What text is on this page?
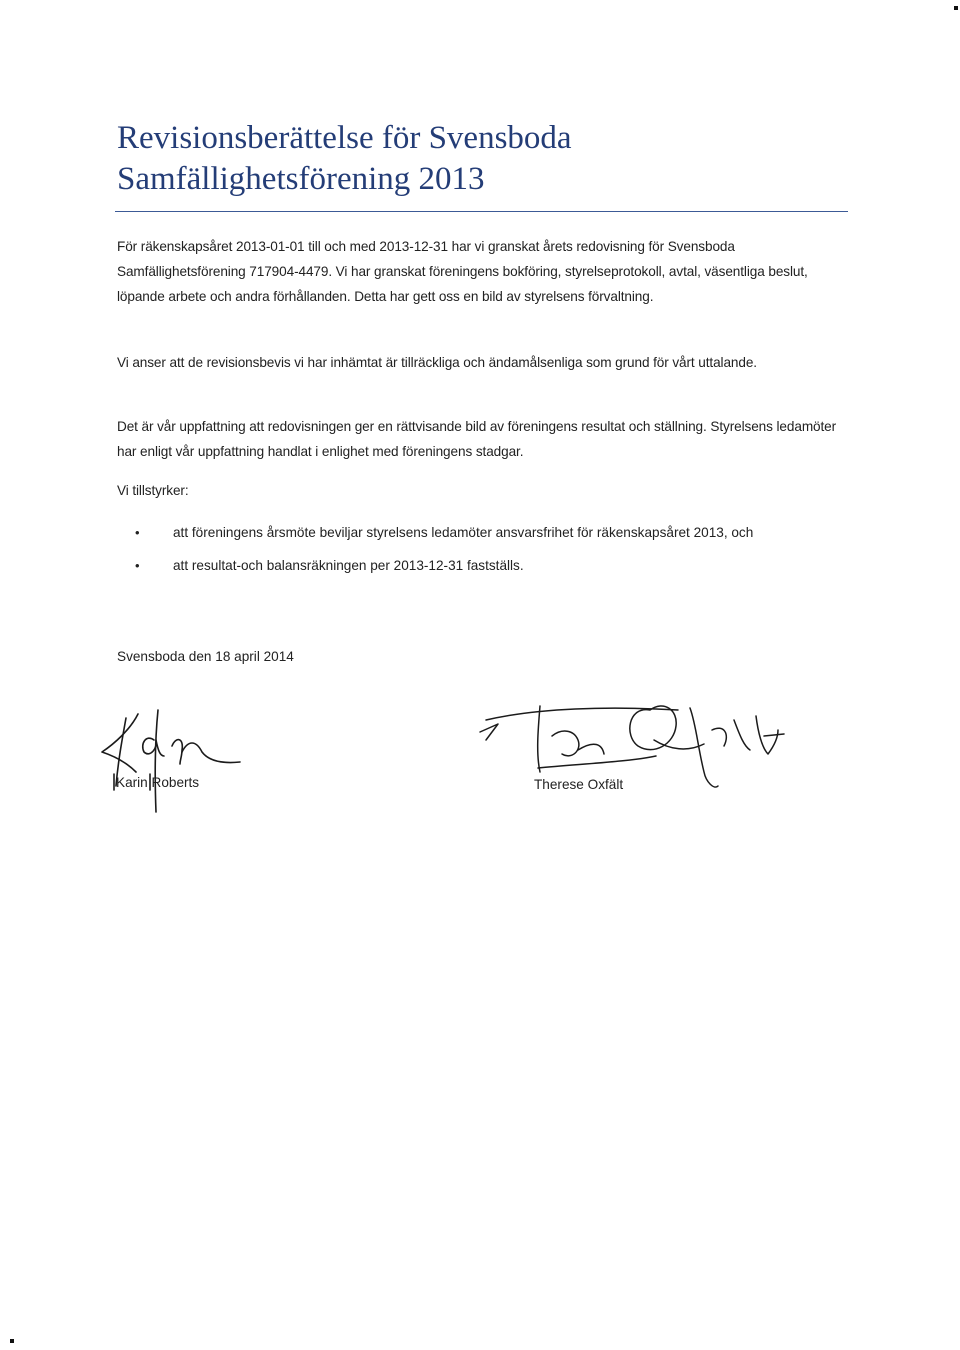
Revisionsberättelse för Svensboda Samfällighetsförening 2013

För räkenskapsåret 2013-01-01 till och med 2013-12-31 har vi granskat årets redovisning för Svensboda Samfällighetsförening 717904-4479. Vi har granskat föreningens bokföring, styrelseprotokoll, avtal, väsentliga beslut, löpande arbete och andra förhållanden. Detta har gett oss en bild av styrelsens förvaltning.

Vi anser att de revisionsbevis vi har inhämtat är tillräckliga och ändamålsenliga som grund för vårt uttalande.

Det är vår uppfattning att redovisningen ger en rättvisande bild av föreningens resultat och ställning. Styrelsens ledamöter har enligt vår uppfattning handlat i enlighet med föreningens stadgar.

Vi tillstyrker:

• att föreningens årsmöte beviljar styrelsens ledamöter ansvarsfrihet för räkenskapsåret 2013, och
• att resultat-och balansräkningen per 2013-12-31 fastställs.

Svensboda den 18 april 2014

Karin Roberts	Therese Oxfält
